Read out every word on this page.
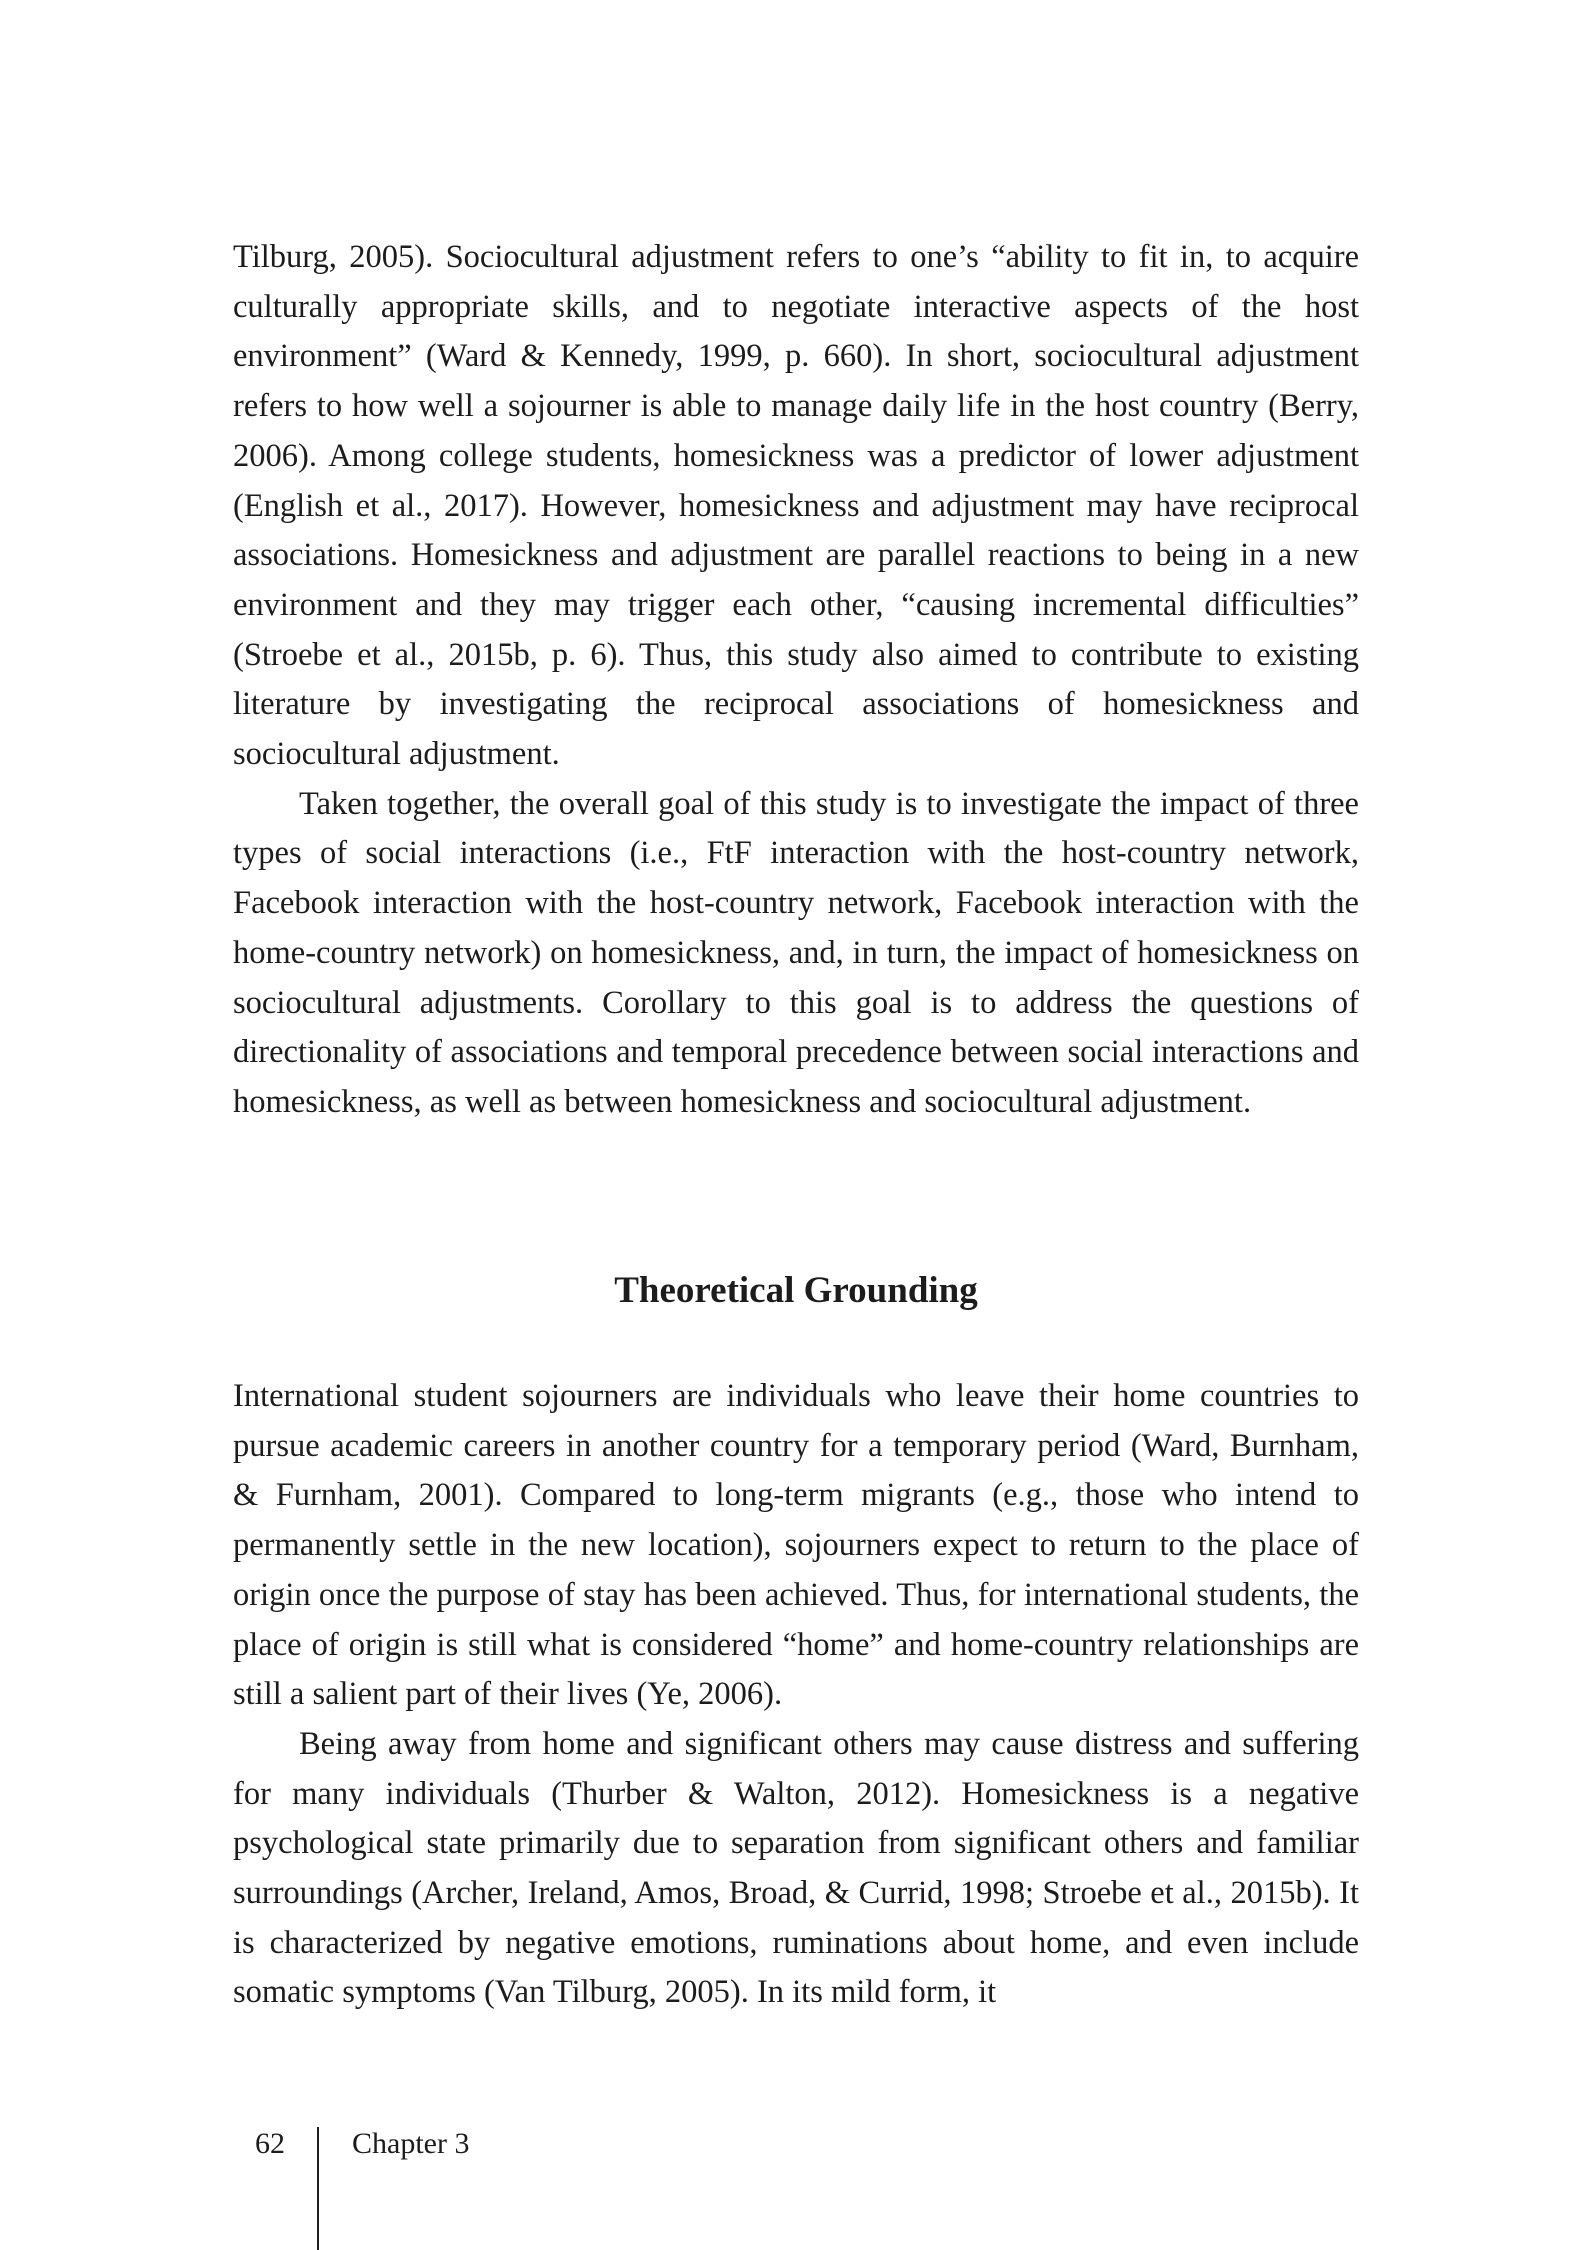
Tilburg, 2005). Sociocultural adjustment refers to one’s “ability to fit in, to acquire culturally appropriate skills, and to negotiate interactive aspects of the host environment” (Ward & Kennedy, 1999, p. 660). In short, sociocultural adjustment refers to how well a sojourner is able to manage daily life in the host country (Berry, 2006). Among college students, homesickness was a predictor of lower adjustment (English et al., 2017). However, homesickness and adjustment may have reciprocal associations. Homesickness and adjustment are parallel reactions to being in a new environment and they may trigger each other, “causing incremental difficulties” (Stroebe et al., 2015b, p. 6). Thus, this study also aimed to contribute to existing literature by investigating the reciprocal associations of homesickness and sociocultural adjustment.

Taken together, the overall goal of this study is to investigate the impact of three types of social interactions (i.e., FtF interaction with the host-country network, Facebook interaction with the host-country network, Facebook interaction with the home-country network) on homesickness, and, in turn, the impact of homesickness on sociocultural adjustments. Corollary to this goal is to address the questions of directionality of associations and temporal precedence between social interactions and homesickness, as well as between homesickness and sociocultural adjustment.

Theoretical Grounding

International student sojourners are individuals who leave their home countries to pursue academic careers in another country for a temporary period (Ward, Burnham, & Furnham, 2001). Compared to long-term migrants (e.g., those who intend to permanently settle in the new location), sojourners expect to return to the place of origin once the purpose of stay has been achieved. Thus, for international students, the place of origin is still what is considered “home” and home-country relationships are still a salient part of their lives (Ye, 2006).

Being away from home and significant others may cause distress and suffering for many individuals (Thurber & Walton, 2012). Homesickness is a negative psychological state primarily due to separation from significant others and familiar surroundings (Archer, Ireland, Amos, Broad, & Currid, 1998; Stroebe et al., 2015b). It is characterized by negative emotions, ruminations about home, and even include somatic symptoms (Van Tilburg, 2005). In its mild form, it

62 Chapter 3
